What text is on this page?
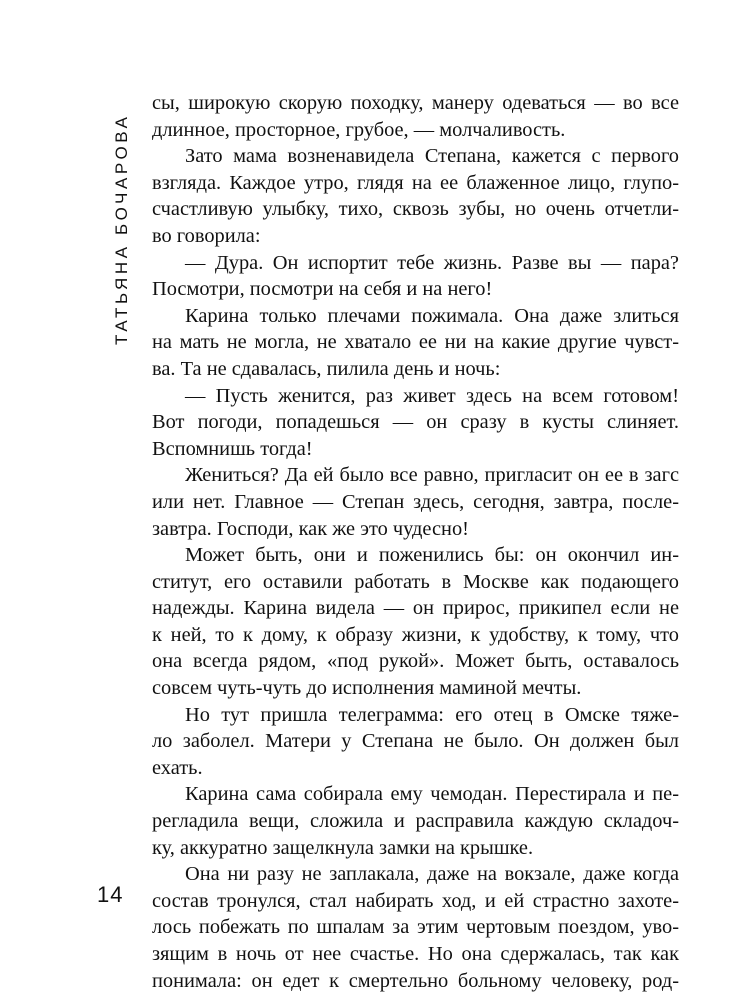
ТАТЬЯНА БОЧАРОВА
сы, широкую скорую походку, манеру одеваться — во все
длинное, просторное, грубое, — молчаливость.
Зато мама возненавидела Степана, кажется с первого
взгляда. Каждое утро, глядя на ее блаженное лицо, глупо-
счастливую улыбку, тихо, сквозь зубы, но очень отчетли-
во говорила:
— Дура. Он испортит тебе жизнь. Разве вы — пара?
Посмотри, посмотри на себя и на него!
Карина только плечами пожимала. Она даже злиться
на мать не могла, не хватало ее ни на какие другие чувст-
ва. Та не сдавалась, пилила день и ночь:
— Пусть женится, раз живет здесь на всем готовом!
Вот погоди, попадешься — он сразу в кусты слиняет.
Вспомнишь тогда!
Жениться? Да ей было все равно, пригласит он ее в загс
или нет. Главное — Степан здесь, сегодня, завтра, после-
завтра. Господи, как же это чудесно!
Может быть, они и поженились бы: он окончил ин-
ститут, его оставили работать в Москве как подающего
надежды. Карина видела — он прирос, прикипел если не
к ней, то к дому, к образу жизни, к удобству, к тому, что
она всегда рядом, «под рукой». Может быть, оставалось
совсем чуть-чуть до исполнения маминой мечты.
Но тут пришла телеграмма: его отец в Омске тяже-
ло заболел. Матери у Степана не было. Он должен был
ехать.
Карина сама собирала ему чемодан. Перестирала и пе-
регладила вещи, сложила и расправила каждую складоч-
ку, аккуратно защелкнула замки на крышке.
Она ни разу не заплакала, даже на вокзале, даже когда
состав тронулся, стал набирать ход, и ей страстно захоте-
лось побежать по шпалам за этим чертовым поездом, уво-
зящим в ночь от нее счастье. Но она сдержалась, так как
понимала: он едет к смертельно больному человеку, род-
14
